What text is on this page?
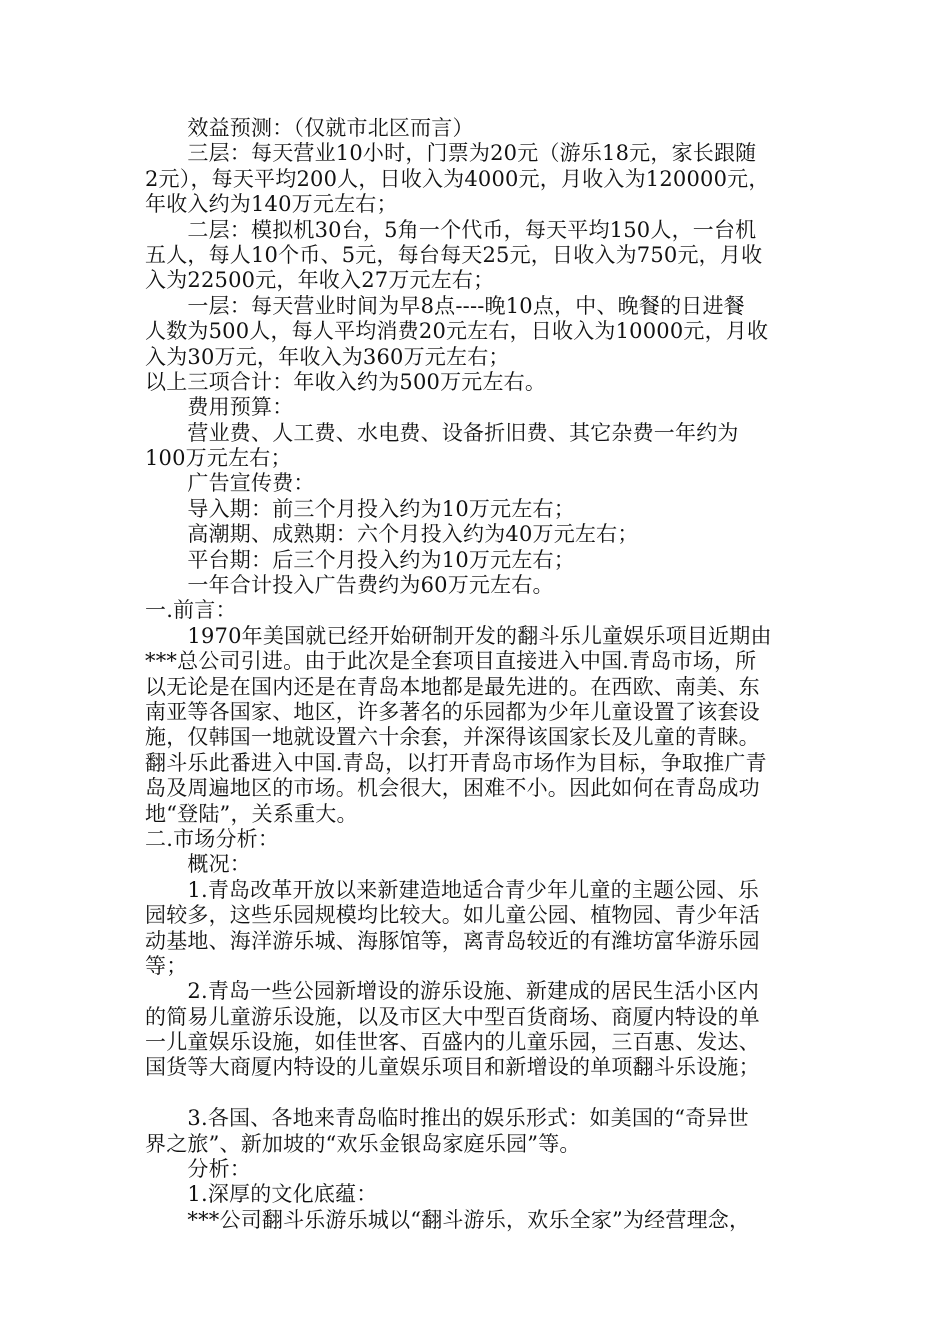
　　效益预测：（仅就市北区而言）
　　三层：每天营业10小时，门票为20元（游乐18元，家长跟随
2元），每天平均200人，日收入为4000元，月收入为120000元，
年收入约为140万元左右；
　　二层：模拟机30台，5角一个代币，每天平均150人，一台机
五人，每人10个币、5元，每台每天25元，日收入为750元，月收
入为22500元，年收入27万元左右；
　　一层：每天营业时间为早8点----晚10点，中、晚餐的日进餐
人数为500人，每人平均消费20元左右，日收入为10000元，月收
入为30万元，年收入为360万元左右；
以上三项合计：年收入约为500万元左右。
　　费用预算：
　　营业费、人工费、水电费、设备折旧费、其它杂费一年约为
100万元左右；
　　广告宣传费：
　　导入期：前三个月投入约为10万元左右；
　　高潮期、成熟期：六个月投入约为40万元左右；
　　平台期：后三个月投入约为10万元左右；
　　一年合计投入广告费约为60万元左右。
一.前言：
　　1970年美国就已经开始研制开发的翻斗乐儿童娱乐项目近期由
***总公司引进。由于此次是全套项目直接进入中国.青岛市场，所
以无论是在国内还是在青岛本地都是最先进的。在西欧、南美、东
南亚等各国家、地区，许多著名的乐园都为少年儿童设置了该套设
施，仅韩国一地就设置六十余套，并深得该国家长及儿童的青睐。
翻斗乐此番进入中国.青岛，以打开青岛市场作为目标，争取推广青
岛及周遍地区的市场。机会很大，困难不小。因此如何在青岛成功
地“登陆”，关系重大。
二.市场分析：
　　概况：
　　1.青岛改革开放以来新建造地适合青少年儿童的主题公园、乐
园较多，这些乐园规模均比较大。如儿童公园、植物园、青少年活
动基地、海洋游乐城、海豚馆等，离青岛较近的有潍坊富华游乐园
等；
　　2.青岛一些公园新增设的游乐设施、新建成的居民生活小区内
的简易儿童游乐设施，以及市区大中型百货商场、商厦内特设的单
一儿童娱乐设施，如佳世客、百盛内的儿童乐园，三百惠、发达、
国货等大商厦内特设的儿童娱乐项目和新增设的单项翻斗乐设施；
　　3.各国、各地来青岛临时推出的娱乐形式：如美国的“奇异世
界之旅”、新加坡的“欢乐金银岛家庭乐园”等。
　　分析：
　　1.深厚的文化底蕴：
　　***公司翻斗乐游乐城以“翻斗游乐，欢乐全家”为经营理念，
